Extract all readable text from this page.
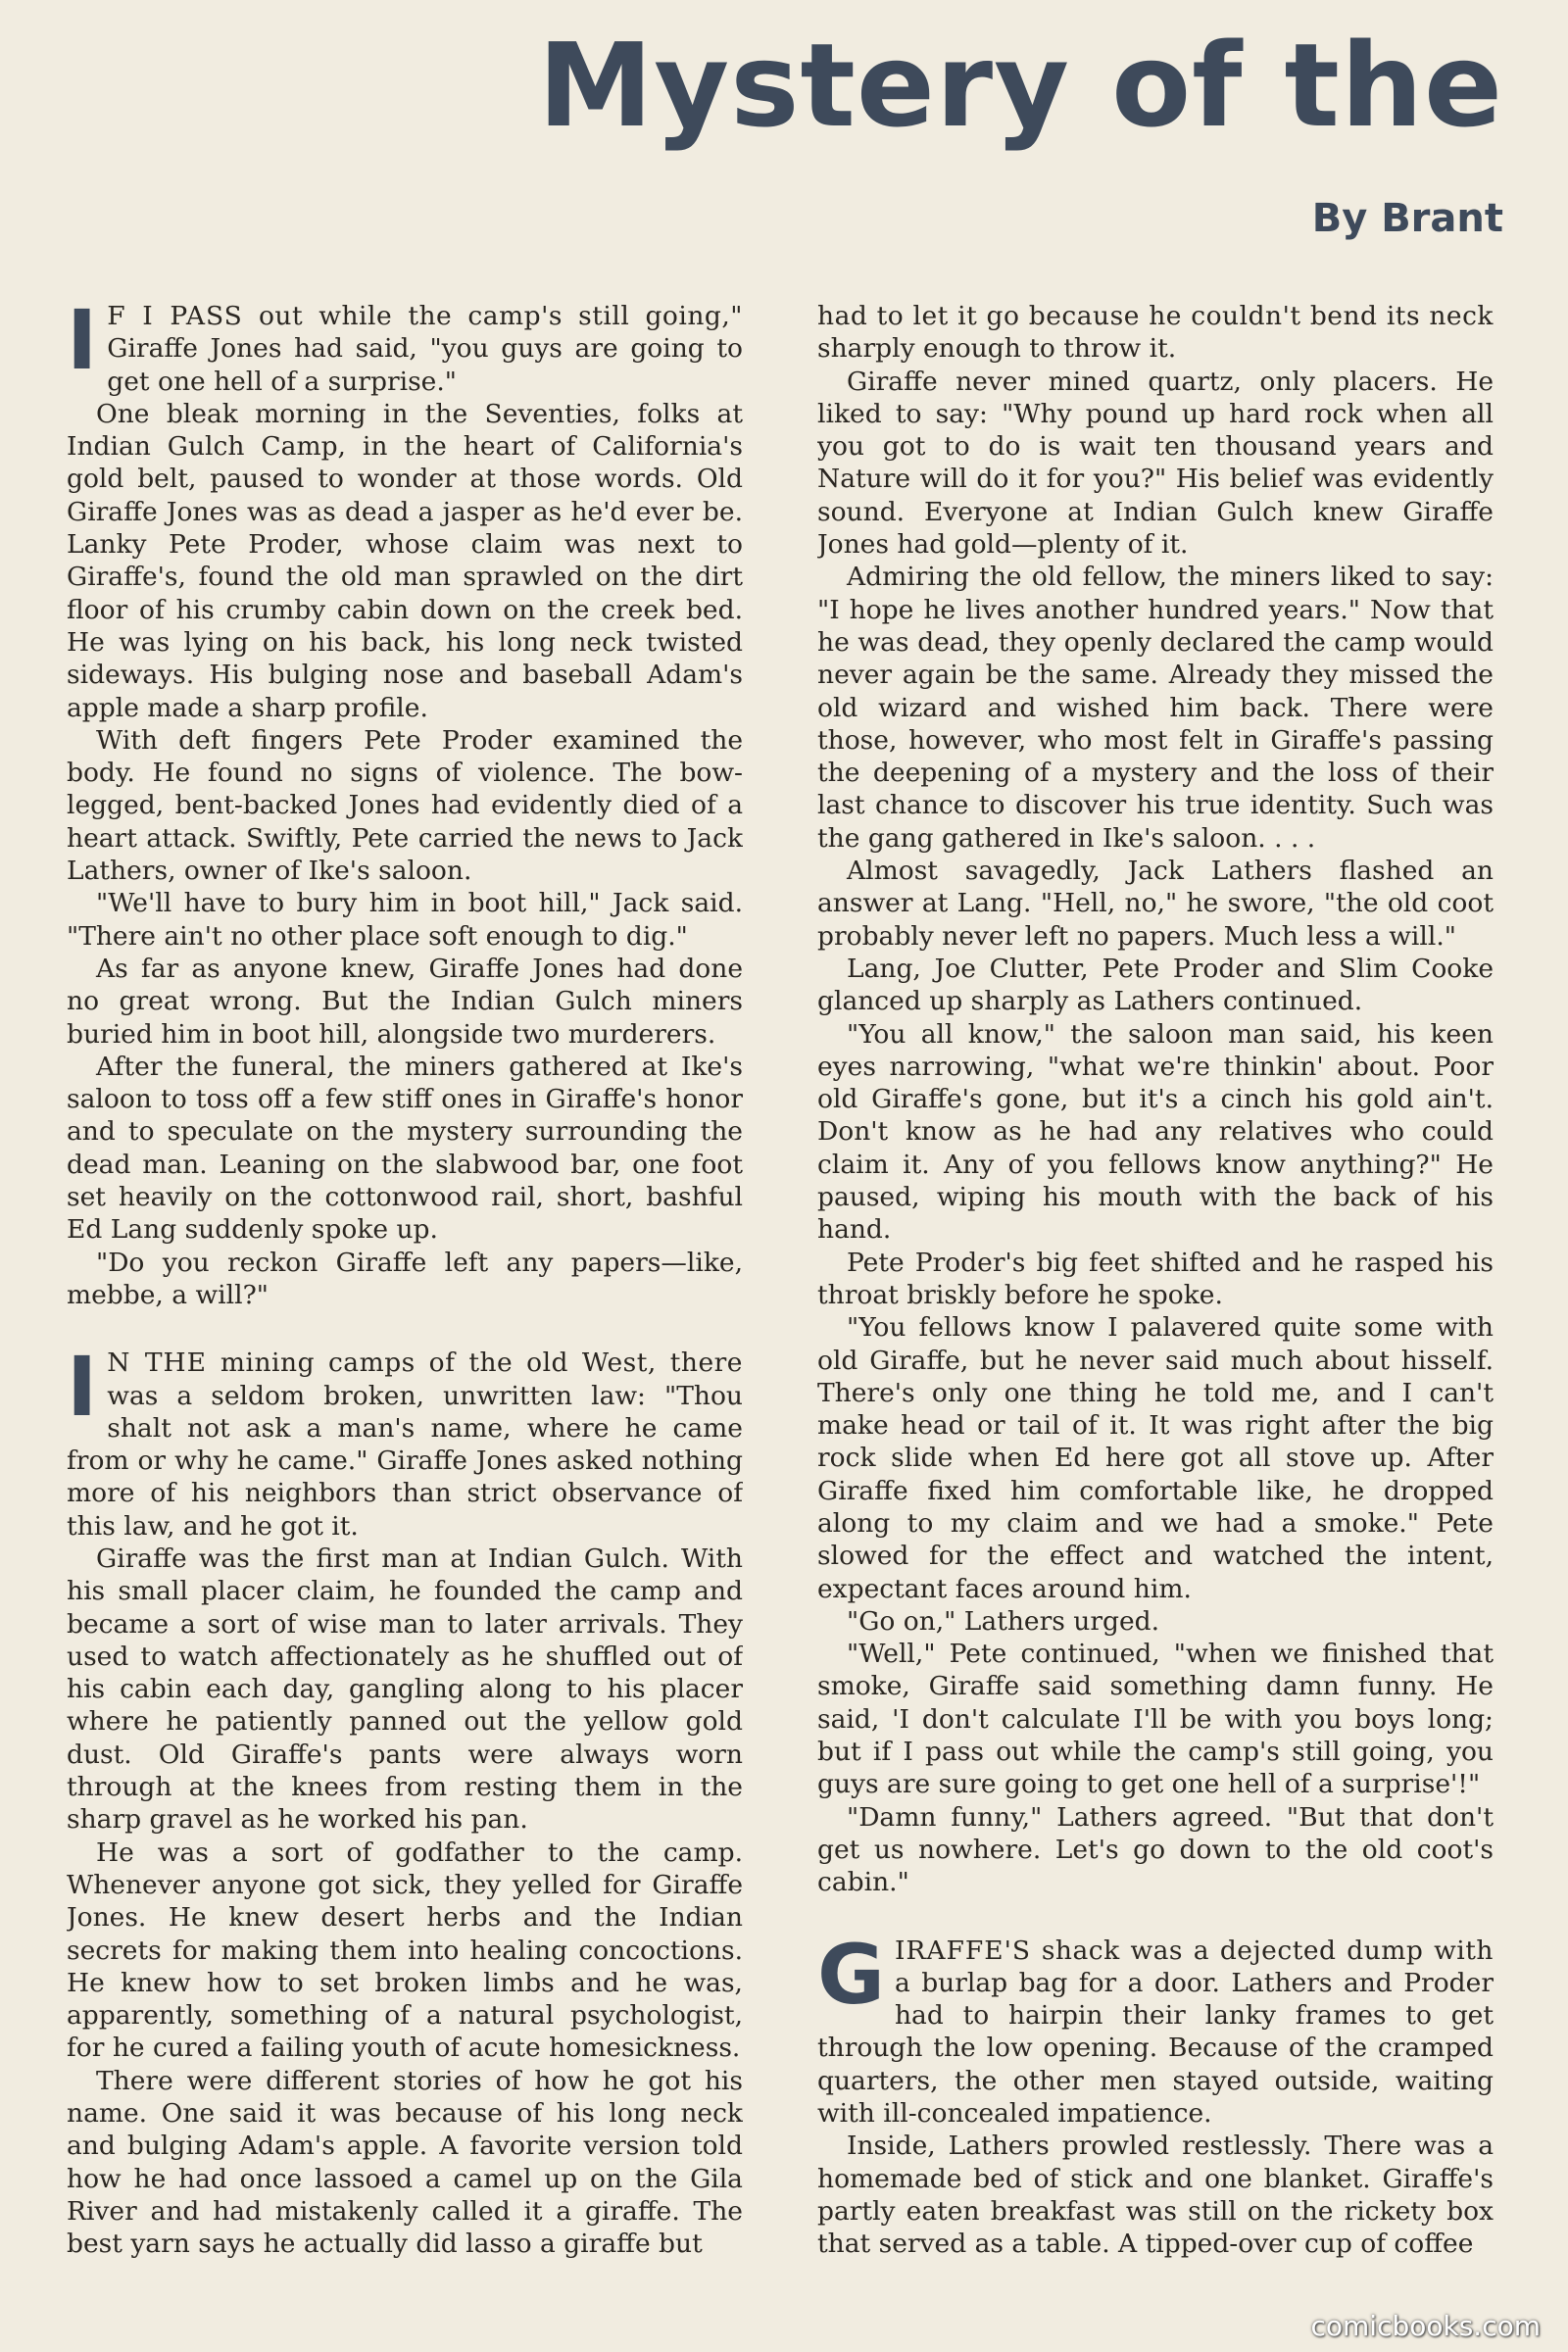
Mystery of the
By Brant

I F I PASS out while the camp's still going," Giraffe Jones had said, "you guys are going to get one hell of a surprise."

One bleak morning in the Seventies, folks at Indian Gulch Camp, in the heart of California's gold belt, paused to wonder at those words. Old Giraffe Jones was as dead a jasper as he'd ever be. Lanky Pete Proder, whose claim was next to Giraffe's, found the old man sprawled on the dirt floor of his crumby cabin down on the creek bed. He was lying on his back, his long neck twisted sideways. His bulging nose and baseball Adam's apple made a sharp profile.

With deft fingers Pete Proder examined the body. He found no signs of violence. The bow-legged, bent-backed Jones had evidently died of a heart attack. Swiftly, Pete carried the news to Jack Lathers, owner of Ike's saloon.

"We'll have to bury him in boot hill," Jack said. "There ain't no other place soft enough to dig."

As far as anyone knew, Giraffe Jones had done no great wrong. But the Indian Gulch miners buried him in boot hill, alongside two murderers.

After the funeral, the miners gathered at Ike's saloon to toss off a few stiff ones in Giraffe's honor and to speculate on the mystery surrounding the dead man. Leaning on the slabwood bar, one foot set heavily on the cottonwood rail, short, bashful Ed Lang suddenly spoke up.

"Do you reckon Giraffe left any papers—like, mebbe, a will?"

I N THE mining camps of the old West, there was a seldom broken, unwritten law: "Thou shalt not ask a man's name, where he came from or why he came." Giraffe Jones asked nothing more of his neighbors than strict observance of this law, and he got it.

Giraffe was the first man at Indian Gulch. With his small placer claim, he founded the camp and became a sort of wise man to later arrivals. They used to watch affectionately as he shuffled out of his cabin each day, gangling along to his placer where he patiently panned out the yellow gold dust. Old Giraffe's pants were always worn through at the knees from resting them in the sharp gravel as he worked his pan.

He was a sort of godfather to the camp. Whenever anyone got sick, they yelled for Giraffe Jones. He knew desert herbs and the Indian secrets for making them into healing concoctions. He knew how to set broken limbs and he was, apparently, something of a natural psychologist, for he cured a failing youth of acute homesickness.

There were different stories of how he got his name. One said it was because of his long neck and bulging Adam's apple. A favorite version told how he had once lassoed a camel up on the Gila River and had mistakenly called it a giraffe. The best yarn says he actually did lasso a giraffe but

had to let it go because he couldn't bend its neck sharply enough to throw it.

Giraffe never mined quartz, only placers. He liked to say: "Why pound up hard rock when all you got to do is wait ten thousand years and Nature will do it for you?" His belief was evidently sound. Everyone at Indian Gulch knew Giraffe Jones had gold—plenty of it.

Admiring the old fellow, the miners liked to say: "I hope he lives another hundred years." Now that he was dead, they openly declared the camp would never again be the same. Already they missed the old wizard and wished him back. There were those, however, who most felt in Giraffe's passing the deepening of a mystery and the loss of their last chance to discover his true identity. Such was the gang gathered in Ike's saloon. . . .

Almost savagedly, Jack Lathers flashed an answer at Lang. "Hell, no," he swore, "the old coot probably never left no papers. Much less a will."

Lang, Joe Clutter, Pete Proder and Slim Cooke glanced up sharply as Lathers continued.

"You all know," the saloon man said, his keen eyes narrowing, "what we're thinkin' about. Poor old Giraffe's gone, but it's a cinch his gold ain't. Don't know as he had any relatives who could claim it. Any of you fellows know anything?" He paused, wiping his mouth with the back of his hand.

Pete Proder's big feet shifted and he rasped his throat briskly before he spoke.

"You fellows know I palavered quite some with old Giraffe, but he never said much about hisself. There's only one thing he told me, and I can't make head or tail of it. It was right after the big rock slide when Ed here got all stove up. After Giraffe fixed him comfortable like, he dropped along to my claim and we had a smoke." Pete slowed for the effect and watched the intent, expectant faces around him.

"Go on," Lathers urged.

"Well," Pete continued, "when we finished that smoke, Giraffe said something damn funny. He said, 'I don't calculate I'll be with you boys long; but if I pass out while the camp's still going, you guys are sure going to get one hell of a surprise'!"

"Damn funny," Lathers agreed. "But that don't get us nowhere. Let's go down to the old coot's cabin."

GIRAFFE'S shack was a dejected dump with a burlap bag for a door. Lathers and Proder had to hairpin their lanky frames to get through the low opening. Because of the cramped quarters, the other men stayed outside, waiting with ill-concealed impatience.

Inside, Lathers prowled restlessly. There was a homemade bed of stick and one blanket. Giraffe's partly eaten breakfast was still on the rickety box that served as a table. A tipped-over cup of coffee

comicbooks.com
